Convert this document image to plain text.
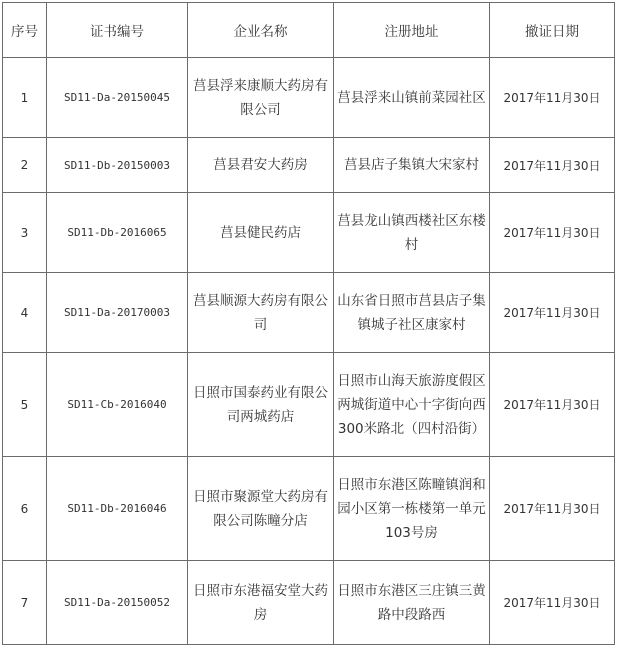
序号	证书编号	企业名称	注册地址	撤证日期
1	SD11-Da-20150045	莒县浮来康顺大药房有限公司	莒县浮来山镇前菜园社区	2017年11月30日
2	SD11-Db-20150003	莒县君安大药房	莒县店子集镇大宋家村	2017年11月30日
3	SD11-Db-2016065	莒县健民药店	莒县龙山镇西楼社区东楼村	2017年11月30日
4	SD11-Da-20170003	莒县顺源大药房有限公司	山东省日照市莒县店子集镇城子社区康家村	2017年11月30日
5	SD11-Cb-2016040	日照市国泰药业有限公司两城药店	日照市山海天旅游度假区两城街道中心十字街向西300米路北（四村沿街）	2017年11月30日
6	SD11-Db-2016046	日照市聚源堂大药房有限公司陈疃分店	日照市东港区陈疃镇润和园小区第一栋楼第一单元103号房	2017年11月30日
7	SD11-Da-20150052	日照市东港福安堂大药房	日照市东港区三庄镇三黄路中段路西	2017年11月30日
